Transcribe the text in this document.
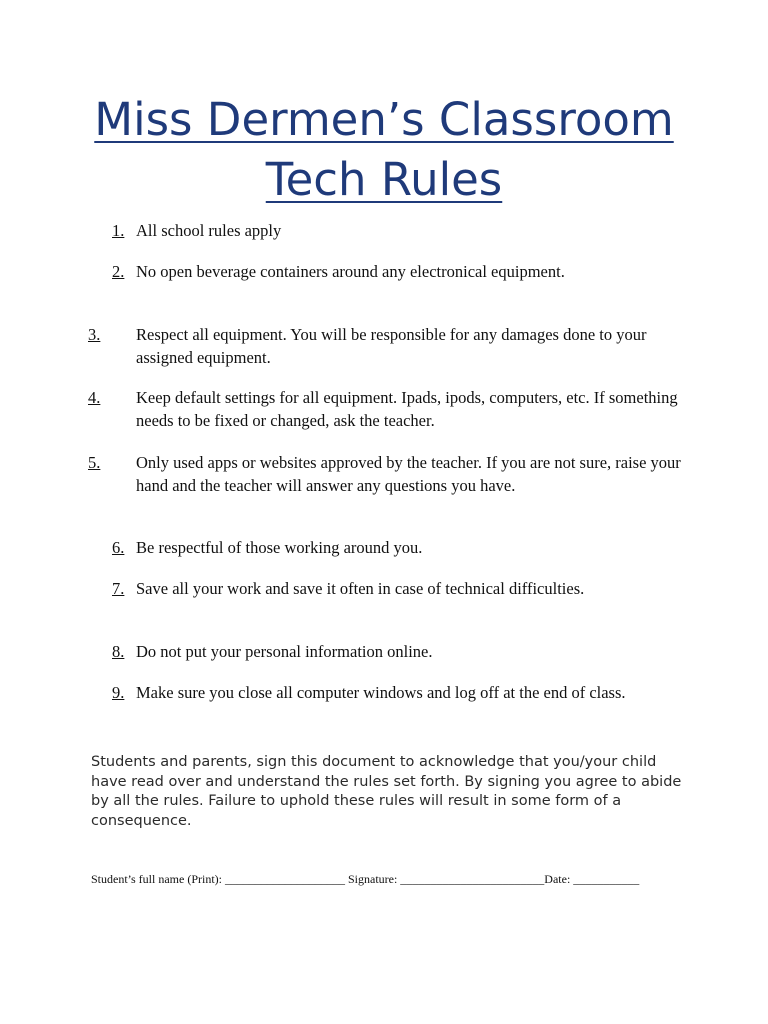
Miss Dermen’s Classroom
Tech Rules
1. All school rules apply
2. No open beverage containers around any electronical equipment.
3. Respect all equipment. You will be responsible for any damages done to your assigned equipment.
4. Keep default settings for all equipment. Ipads, ipods, computers, etc. If something needs to be fixed or changed, ask the teacher.
5. Only used apps or websites approved by the teacher. If you are not sure, raise your hand and the teacher will answer any questions you have.
6. Be respectful of those working around you.
7. Save all your work and save it often in case of technical difficulties.
8. Do not put your personal information online.
9. Make sure you close all computer windows and log off at the end of class.

Students and parents, sign this document to acknowledge that you/your child have read over and understand the rules set forth. By signing you agree to abide by all the rules. Failure to uphold these rules will result in some form of a consequence.

Student’s full name (Print): ____________________ Signature: ________________________Date: ___________
